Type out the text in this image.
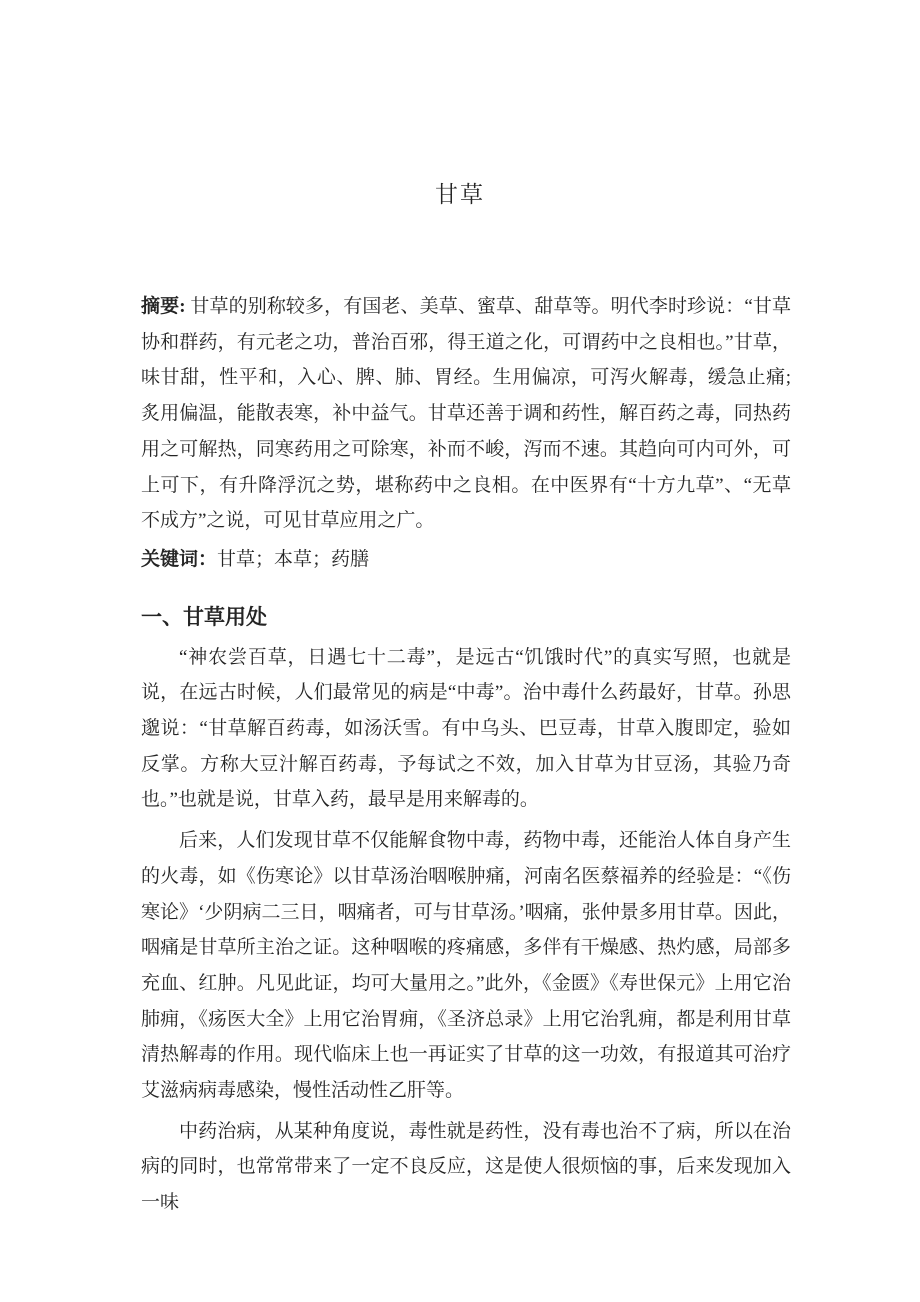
甘草

摘要: 甘草的别称较多，有国老、美草、蜜草、甜草等。明代李时珍说：“甘草协和群药，有元老之功，普治百邪，得王道之化，可谓药中之良相也。”甘草，味甘甜，性平和，入心、脾、肺、胃经。生用偏凉，可泻火解毒，缓急止痛; 炙用偏温，能散表寒，补中益气。甘草还善于调和药性，解百药之毒，同热药用之可解热，同寒药用之可除寒，补而不峻，泻而不速。其趋向可内可外，可上可下，有升降浮沉之势，堪称药中之良相。在中医界有“十方九草”、“无草不成方”之说，可见甘草应用之广。

关键词：甘草；本草；药膳

一、甘草用处

“神农尝百草，日遇七十二毒”，是远古“饥饿时代”的真实写照，也就是说，在远古时候，人们最常见的病是“中毒”。治中毒什么药最好，甘草。孙思邈说：“甘草解百药毒，如汤沃雪。有中乌头、巴豆毒，甘草入腹即定，验如反掌。方称大豆汁解百药毒，予每试之不效，加入甘草为甘豆汤，其验乃奇也。”也就是说，甘草入药，最早是用来解毒的。

后来，人们发现甘草不仅能解食物中毒，药物中毒，还能治人体自身产生的火毒，如《伤寒论》以甘草汤治咽喉肿痛，河南名医蔡福养的经验是：“《伤寒论》‘少阴病二三日，咽痛者，可与甘草汤。’咽痛，张仲景多用甘草。因此，咽痛是甘草所主治之证。这种咽喉的疼痛感，多伴有干燥感、热灼感，局部多充血、红肿。凡见此证，均可大量用之。”此外，《金匮》《寿世保元》上用它治肺痈，《疡医大全》上用它治胃痈，《圣济总录》上用它治乳痈，都是利用甘草清热解毒的作用。现代临床上也一再证实了甘草的这一功效，有报道其可治疗艾滋病病毒感染，慢性活动性乙肝等。

中药治病，从某种角度说，毒性就是药性，没有毒也治不了病，所以在治病的同时，也常常带来了一定不良反应，这是使人很烦恼的事，后来发现加入一味
